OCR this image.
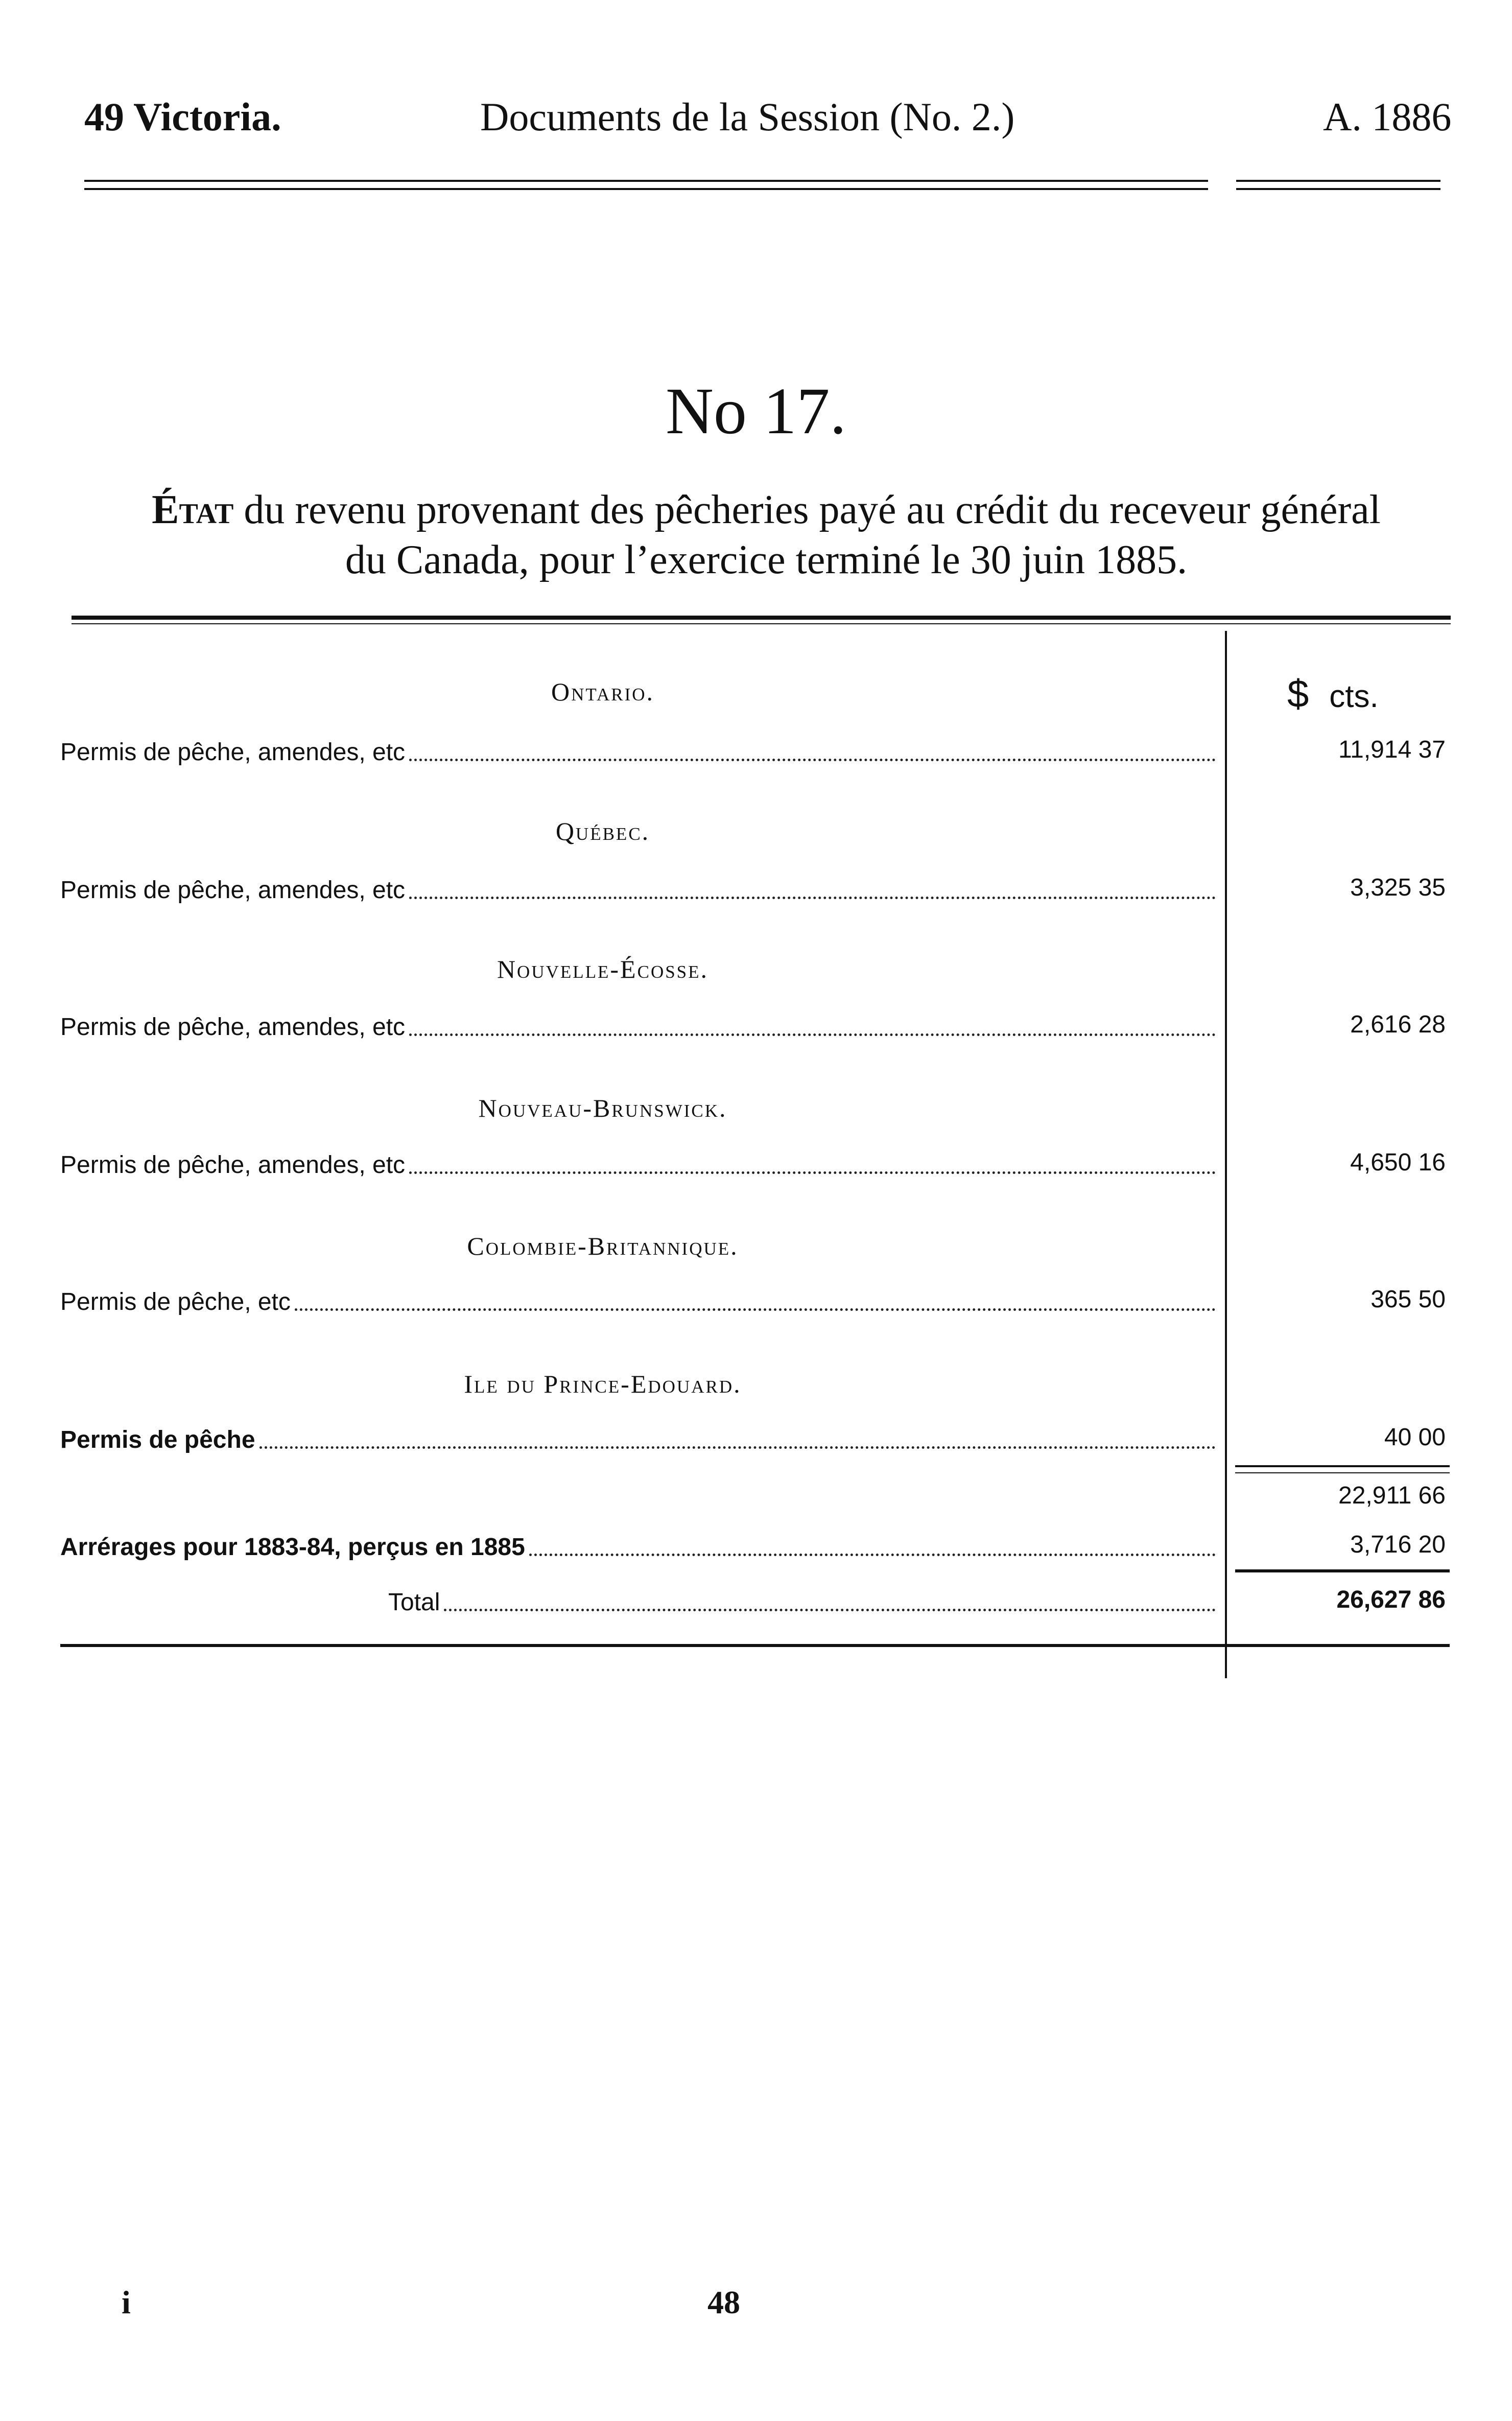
49 Victoria.	Documents de la Session (No. 2.)	A. 1886
No 17.
État du revenu provenant des pêcheries payé au crédit du receveur général
du Canada, pour l’exercice terminé le 30 juin 1885.
$ cts.
Ontario.
Permis de pêche, amendes, etc	11,914 37
Québec.
Permis de pêche, amendes, etc	3,325 35
Nouvelle-Écosse.
Permis de pêche, amendes, etc	2,616 28
Nouveau-Brunswick.
Permis de pêche, amendes, etc	4,650 16
Colombie-Britannique.
Permis de pêche, etc	365 50
Ile du Prince-Edouard.
Permis de pêche	40 00
22,911 66
Arrérages pour 1883-84, perçus en 1885	3,716 20
Total	26,627 86
i	48
